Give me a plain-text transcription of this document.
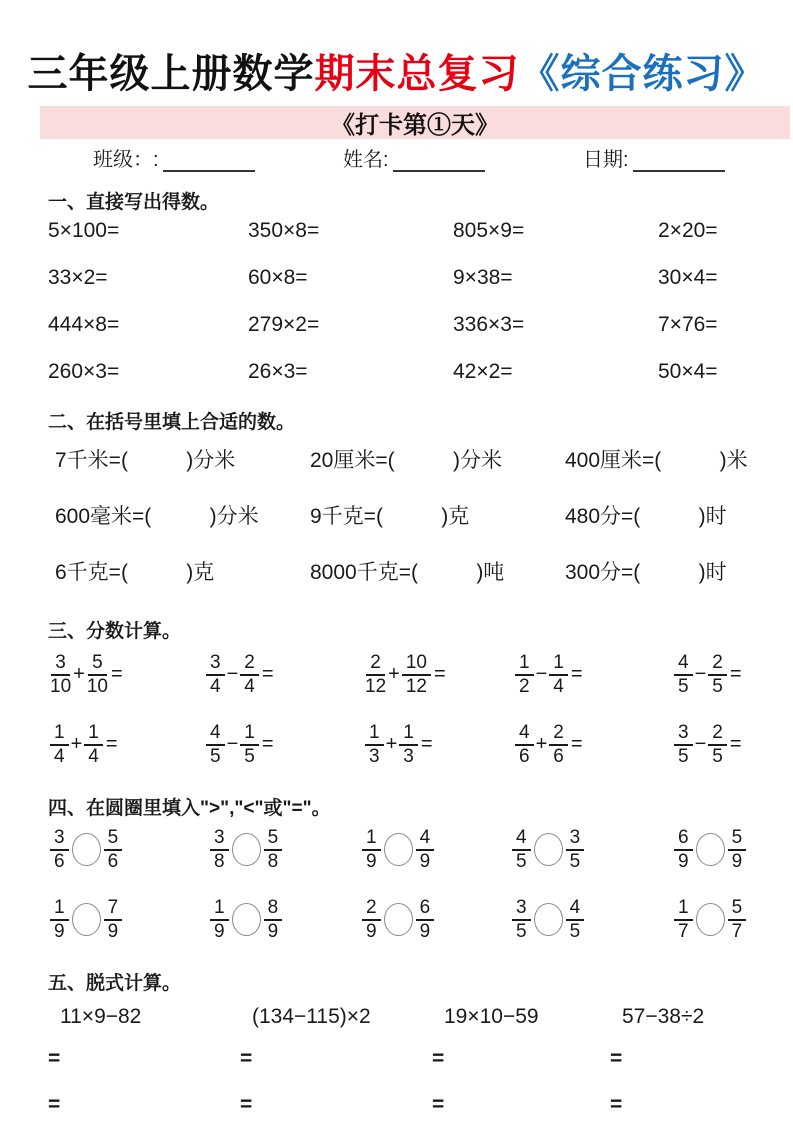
三年级上册数学期末总复习《综合练习》
《打卡第①天》
班级：:	姓名:	日期:
一、直接写出得数。
5×100=	350×8=	805×9=	2×20=
33×2=	60×8=	9×38=	30×4=
444×8=	279×2=	336×3=	7×76=
260×3=	26×3=	42×2=	50×4=
二、在括号里填上合适的数。
7千米=(          )分米	20厘米=(          )分米	400厘米=(          )米
600毫米=(          )分米	9千克=(          )克	480分=(          )时
6千克=(          )克	8000千克=(          )吨	300分=(          )时
三、分数计算。
$\frac{3}{10} + \frac{5}{10}$ =	$\frac{3}{4} - \frac{2}{4}$ =	$\frac{2}{12} + \frac{10}{12}$ =	$\frac{1}{2} - \frac{1}{4}$ =	$\frac{4}{5} - \frac{2}{5}$ =
$\frac{1}{4} + \frac{1}{4}$ =	$\frac{4}{5} - \frac{1}{5}$ =	$\frac{1}{3} + \frac{1}{3}$ =	$\frac{4}{6} + \frac{2}{6}$ =	$\frac{3}{5} - \frac{2}{5}$ =
四、在圆圈里填入">","<"或"="。
$\frac{3}{6} \frac{5}{6}$	$\frac{3}{8} \frac{5}{8}$	$\frac{1}{9} \frac{4}{9}$	$\frac{4}{5} \frac{3}{5}$	$\frac{6}{9} \frac{5}{9}$
$\frac{1}{9} \frac{7}{9}$	$\frac{1}{9} \frac{8}{9}$	$\frac{2}{9} \frac{6}{9}$	$\frac{3}{5} \frac{4}{5}$	$\frac{1}{7} \frac{5}{7}$
五、脱式计算。
11×9−82	(134−115)×2	19×10−59	57−38÷2
=	=	=	=
=	=	=	=
